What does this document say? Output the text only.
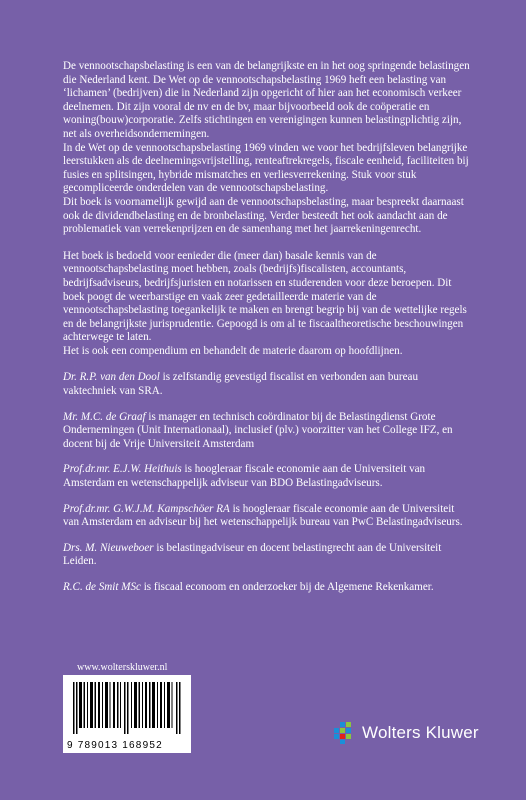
De vennootschapsbelasting is een van de belangrijkste en in het oog springende belastingen die Nederland kent. De Wet op de vennootschapsbelasting 1969 heft een belasting van ‘lichamen’ (bedrijven) die in Nederland zijn opgericht of hier aan het economisch verkeer deelnemen. Dit zijn vooral de nv en de bv, maar bijvoorbeeld ook de coöperatie en woning(bouw)corporatie. Zelfs stichtingen en verenigingen kunnen belastingplichtig zijn, net als overheidsondernemingen.

In de Wet op de vennootschapsbelasting 1969 vinden we voor het bedrijfsleven belangrijke leerstukken als de deelnemingsvrijstelling, renteaftrekregels, fiscale eenheid, faciliteiten bij fusies en splitsingen, hybride mismatches en verliesverrekening. Stuk voor stuk gecompliceerde onderdelen van de vennootschapsbelasting.

Dit boek is voornamelijk gewijd aan de vennootschapsbelasting, maar bespreekt daarnaast ook de dividendbelasting en de bronbelasting. Verder besteedt het ook aandacht aan de problematiek van verrekenprijzen en de samenhang met het jaarrekeningenrecht.

Het boek is bedoeld voor eenieder die (meer dan) basale kennis van de vennootschapsbelasting moet hebben, zoals (bedrijfs)fiscalisten, accountants, bedrijfsadviseurs, bedrijfsjuristen en notarissen en studerenden voor deze beroepen. Dit boek poogt de weerbarstige en vaak zeer gedetailleerde materie van de vennootschapsbelasting toegankelijk te maken en brengt begrip bij van de wettelijke regels en de belangrijkste jurisprudentie. Gepoogd is om al te fiscaaltheoretische beschouwingen achterwege te laten.

Het is ook een compendium en behandelt de materie daarom op hoofdlijnen.

Dr. R.P. van den Dool is zelfstandig gevestigd fiscalist en verbonden aan bureau vaktechniek van SRA.

Mr. M.C. de Graaf is manager en technisch coördinator bij de Belastingdienst Grote Ondernemingen (Unit Internationaal), inclusief (plv.) voorzitter van het College IFZ, en docent bij de Vrije Universiteit Amsterdam

Prof.dr.mr. E.J.W. Heithuis is hoogleraar fiscale economie aan de Universiteit van Amsterdam en wetenschappelijk adviseur van BDO Belastingadviseurs.

Prof.dr.mr. G.W.J.M. Kampschöer RA is hoogleraar fiscale economie aan de Universiteit van Amsterdam en adviseur bij het wetenschappelijk bureau van PwC Belastingadviseurs.

Drs. M. Nieuweboer is belastingadviseur en docent belastingrecht aan de Universiteit Leiden.

R.C. de Smit MSc is fiscaal econoom en onderzoeker bij de Algemene Rekenkamer.

www.wolterskluwer.nl
9 789013 168952
Wolters Kluwer
